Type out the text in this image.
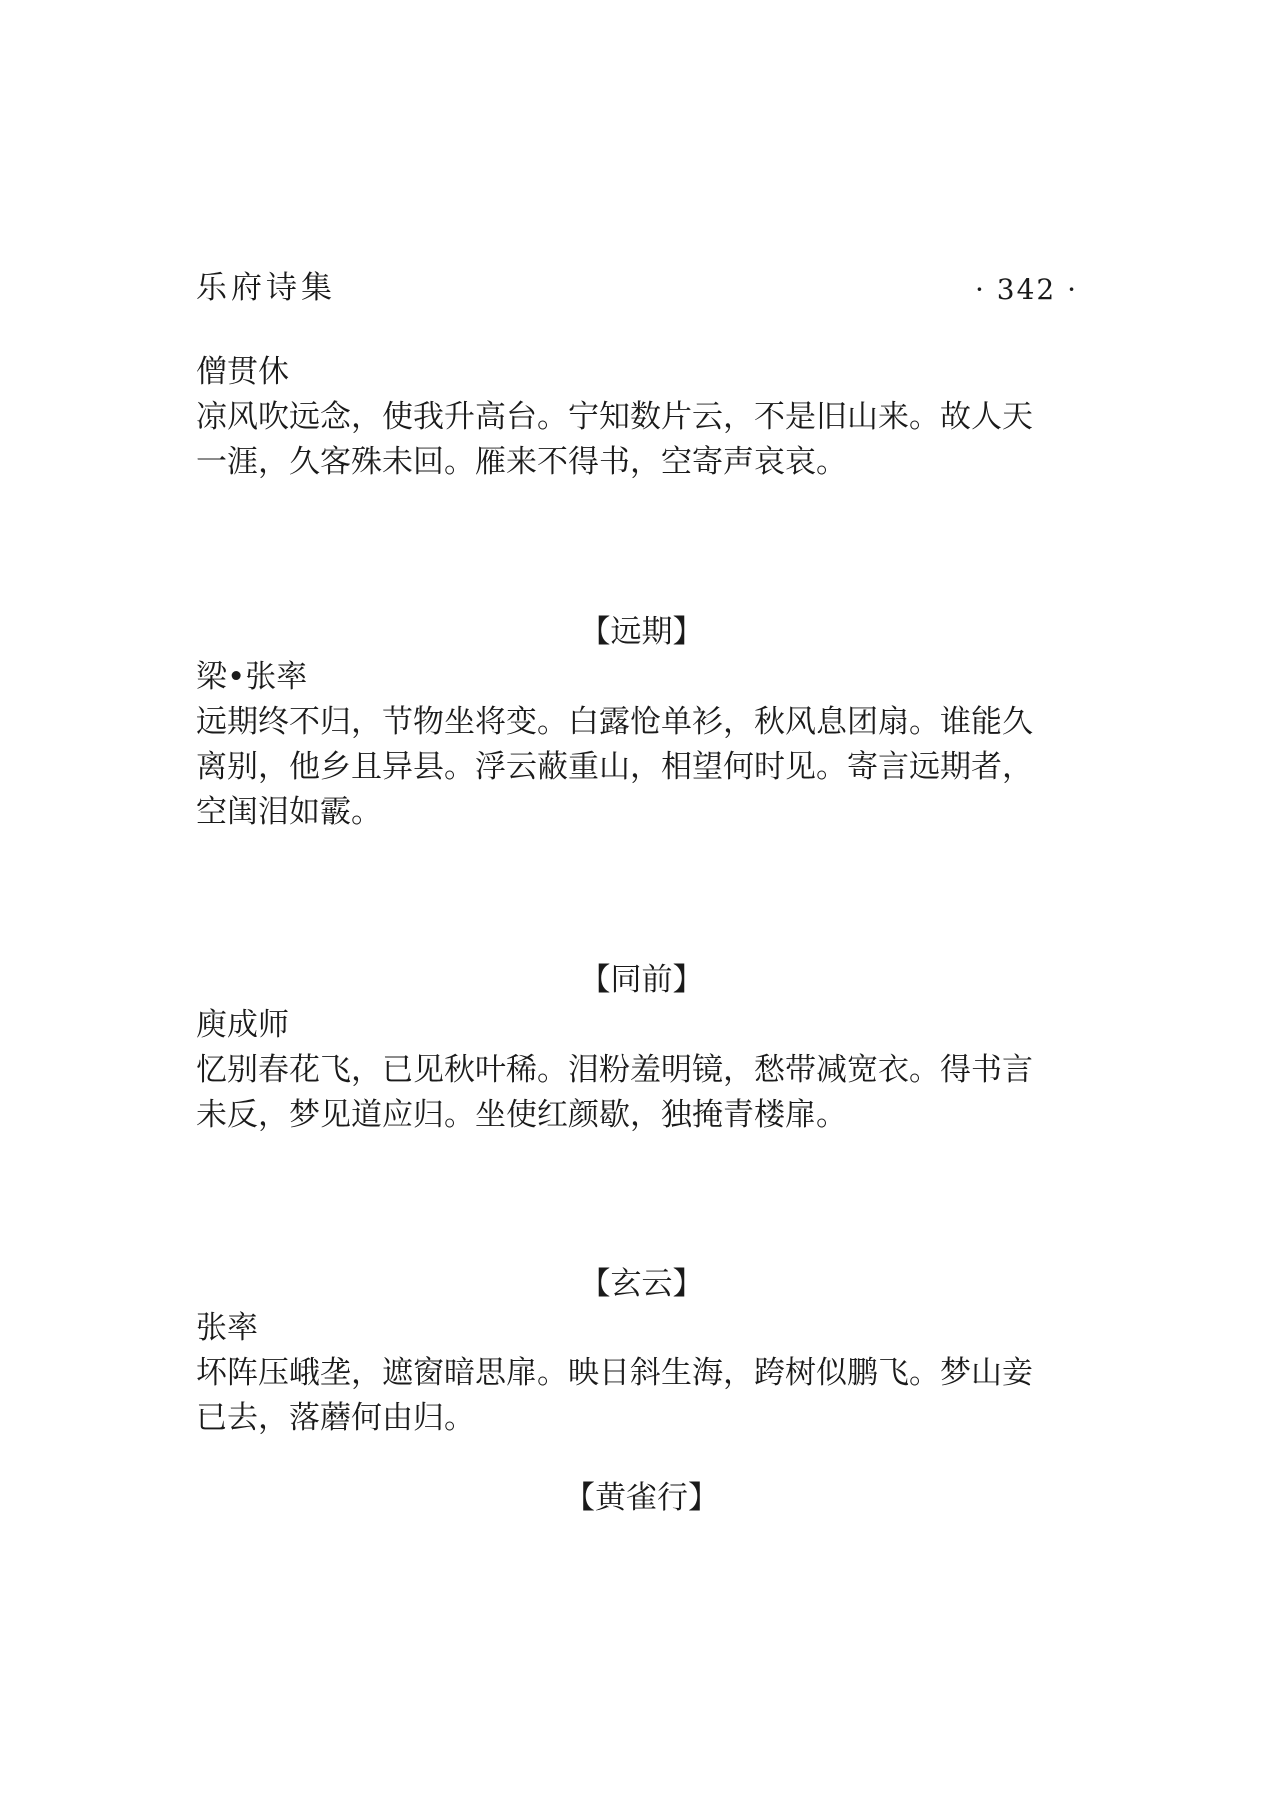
乐府诗集	· 342 ·
僧贯休
凉风吹远念，使我升高台。宁知数片云，不是旧山来。故人天
一涯，久客殊未回。雁来不得书，空寄声哀哀。
【远期】
梁•张率
远期终不归，节物坐将变。白露怆单衫，秋风息团扇。谁能久
离别，他乡且异县。浮云蔽重山，相望何时见。寄言远期者，
空闺泪如霰。
【同前】
庾成师
忆别春花飞，已见秋叶稀。泪粉羞明镜，愁带减宽衣。得书言
未反，梦见道应归。坐使红颜歇，独掩青楼扉。
【玄云】
张率
坏阵压峨垄，遮窗暗思扉。映日斜生海，跨树似鹏飞。梦山妾
已去，落蘑何由归。
【黄雀行】
